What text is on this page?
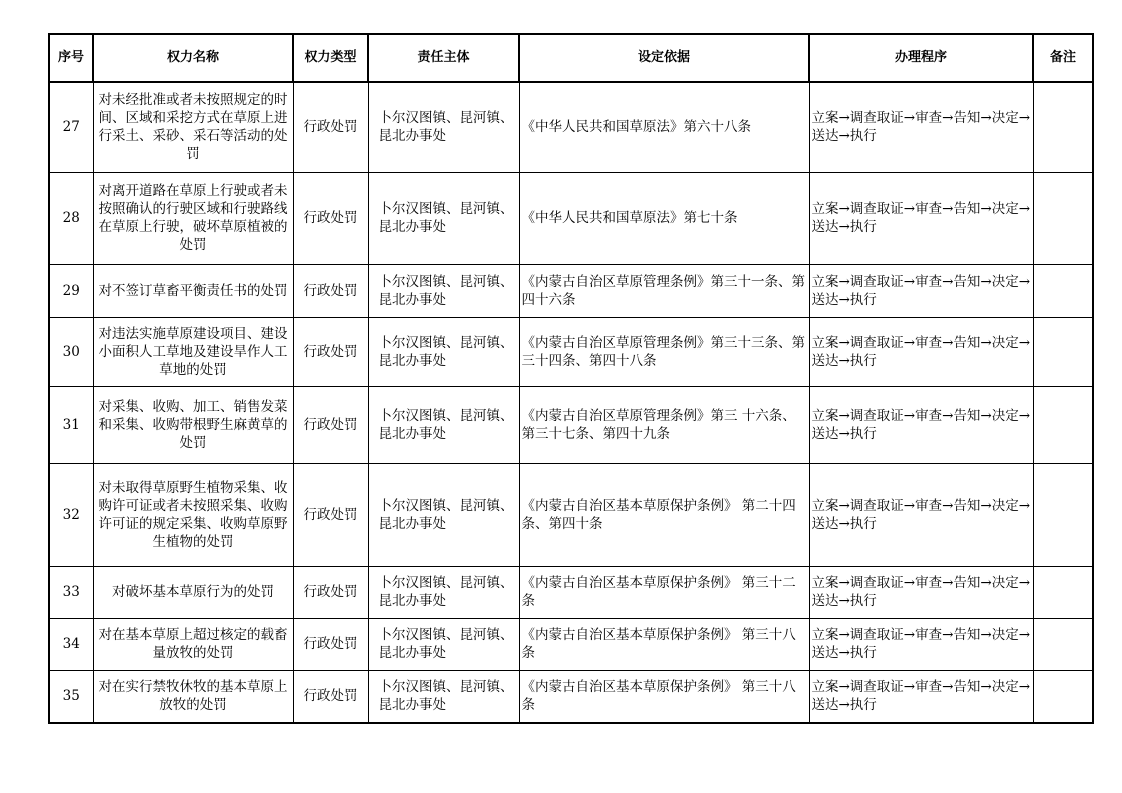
序号	权力名称	权力类型	责任主体	设定依据	办理程序	备注
27	对未经批准或者未按照规定的时间、区域和采挖方式在草原上进行采土、采砂、采石等活动的处罚	行政处罚	卜尔汉图镇、昆河镇、昆北办事处	《中华人民共和国草原法》第六十八条	立案→调查取证→审查→告知→决定→送达→执行	
28	对离开道路在草原上行驶或者未按照确认的行驶区域和行驶路线在草原上行驶，破坏草原植被的处罚	行政处罚	卜尔汉图镇、昆河镇、昆北办事处	《中华人民共和国草原法》第七十条	立案→调查取证→审查→告知→决定→送达→执行	
29	对不签订草畜平衡责任书的处罚	行政处罚	卜尔汉图镇、昆河镇、昆北办事处	《内蒙古自治区草原管理条例》第三十一条、第四十六条	立案→调查取证→审查→告知→决定→送达→执行	
30	对违法实施草原建设项目、建设小面积人工草地及建设旱作人工草地的处罚	行政处罚	卜尔汉图镇、昆河镇、昆北办事处	《内蒙古自治区草原管理条例》第三十三条、第三十四条、第四十八条	立案→调查取证→审查→告知→决定→送达→执行	
31	对采集、收购、加工、销售发菜和采集、收购带根野生麻黄草的处罚	行政处罚	卜尔汉图镇、昆河镇、昆北办事处	《内蒙古自治区草原管理条例》第三 十六条、第三十七条、第四十九条	立案→调查取证→审查→告知→决定→送达→执行	
32	对未取得草原野生植物采集、收购许可证或者未按照采集、收购许可证的规定采集、收购草原野生植物的处罚	行政处罚	卜尔汉图镇、昆河镇、昆北办事处	《内蒙古自治区基本草原保护条例》 第二十四条、第四十条	立案→调查取证→审查→告知→决定→送达→执行	
33	对破坏基本草原行为的处罚	行政处罚	卜尔汉图镇、昆河镇、昆北办事处	《内蒙古自治区基本草原保护条例》 第三十二条	立案→调查取证→审查→告知→决定→送达→执行	
34	对在基本草原上超过核定的载畜量放牧的处罚	行政处罚	卜尔汉图镇、昆河镇、昆北办事处	《内蒙古自治区基本草原保护条例》 第三十八条	立案→调查取证→审查→告知→决定→送达→执行	
35	对在实行禁牧休牧的基本草原上放牧的处罚	行政处罚	卜尔汉图镇、昆河镇、昆北办事处	《内蒙古自治区基本草原保护条例》 第三十八条	立案→调查取证→审查→告知→决定→送达→执行	
